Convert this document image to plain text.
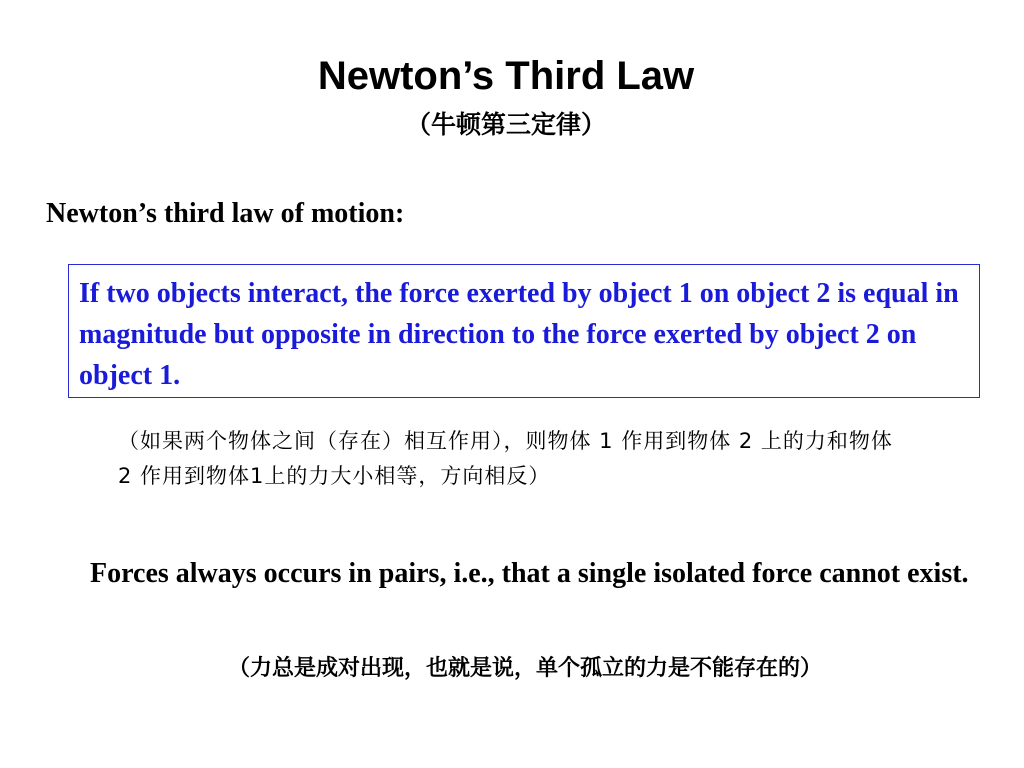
Newton’s Third Law
（牛顿第三定律）
Newton’s third law of motion:
If two objects interact, the force exerted by object 1 on object 2 is equal in magnitude but opposite in direction to the force exerted by object 2 on object 1.
（如果两个物体之间（存在）相互作用），则物体 1 作用到物体 2 上的力和物体 2 作用到物体1上的力大小相等，方向相反）
Forces always occurs in pairs, i.e., that a single isolated force cannot exist.
（力总是成对出现，也就是说，单个孤立的力是不能存在的）
